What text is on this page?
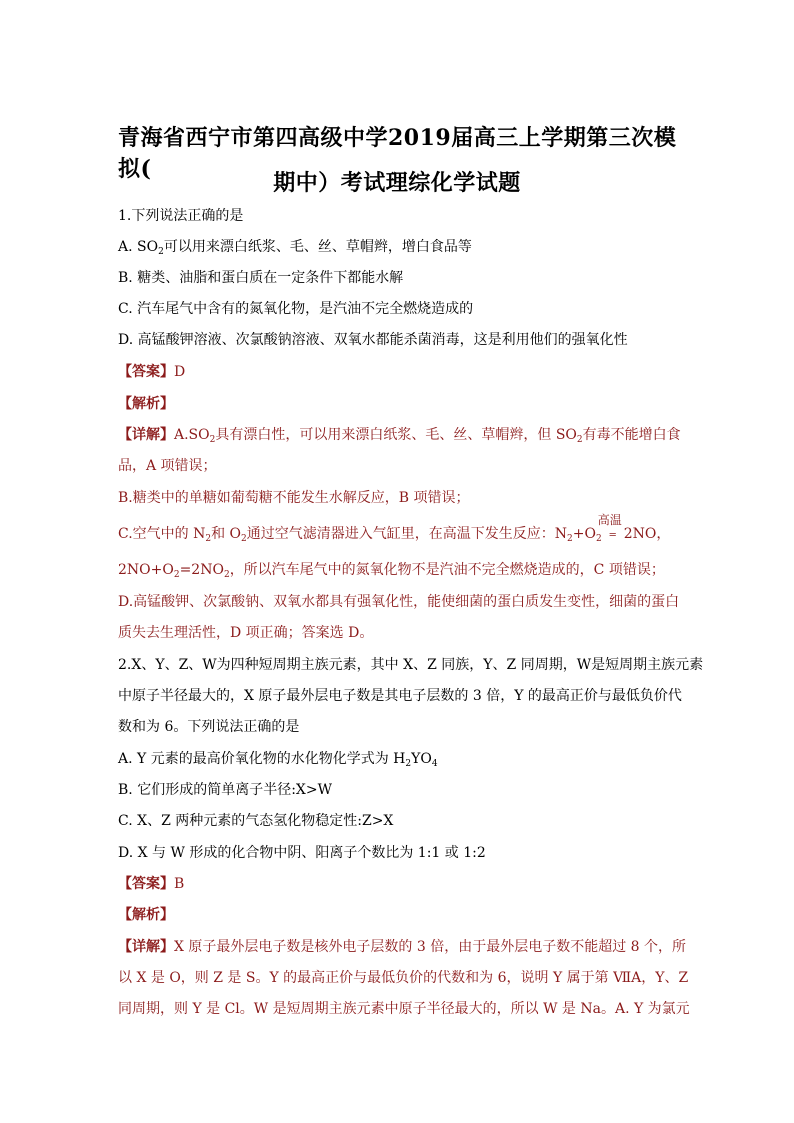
青海省西宁市第四高级中学2019届高三上学期第三次模拟(
期中）考试理综化学试题
1.下列说法正确的是
A. $SO_2$可以用来漂白纸浆、毛、丝、草帽辫，增白食品等
B. 糖类、油脂和蛋白质在一定条件下都能水解
C. 汽车尾气中含有的氮氧化物，是汽油不完全燃烧造成的
D. 高锰酸钾溶液、次氯酸钠溶液、双氧水都能杀菌消毒，这是利用他们的强氧化性
【答案】D
【解析】
【详解】$A.SO_2$具有漂白性，可以用来漂白纸浆、毛、丝、草帽辫，但 $SO_2$有毒不能增白食
品，A 项错误；
B.糖类中的单糖如葡萄糖不能发生水解反应，B 项错误；
C.空气中的 $N_2$和 $O_2$通过空气滤清器进入气缸里，在高温下发生反应：$N_2+O_2$
高温
= 2NO，
$2NO+O_2=2NO_2$，所以汽车尾气中的氮氧化物不是汽油不完全燃烧造成的，C 项错误；
D.高锰酸钾、次氯酸钠、双氧水都具有强氧化性，能使细菌的蛋白质发生变性，细菌的蛋白
质失去生理活性，D 项正确；答案选 D。
2.X、Y、Z、W为四种短周期主族元素，其中 X、Z 同族，Y、Z 同周期，W是短周期主族元素
中原子半径最大的，X 原子最外层电子数是其电子层数的 3 倍，Y 的最高正价与最低负价代
数和为 6。下列说法正确的是
A. Y 元素的最高价氧化物的水化物化学式为 $H_2YO_4$
B. 它们形成的简单离子半径:X>W
C. X、Z 两种元素的气态氢化物稳定性:Z>X
D. X 与 W 形成的化合物中阴、阳离子个数比为 1:1 或 1:2
【答案】B
【解析】
【详解】X 原子最外层电子数是核外电子层数的 3 倍，由于最外层电子数不能超过 8 个，所
以 X 是 O，则 Z 是 S。Y 的最高正价与最低负价的代数和为 6，说明 Y 属于第 ⅦA，Y、Z
同周期，则 Y 是 Cl。W 是短周期主族元素中原子半径最大的，所以 W 是 Na。A. Y 为氯元
